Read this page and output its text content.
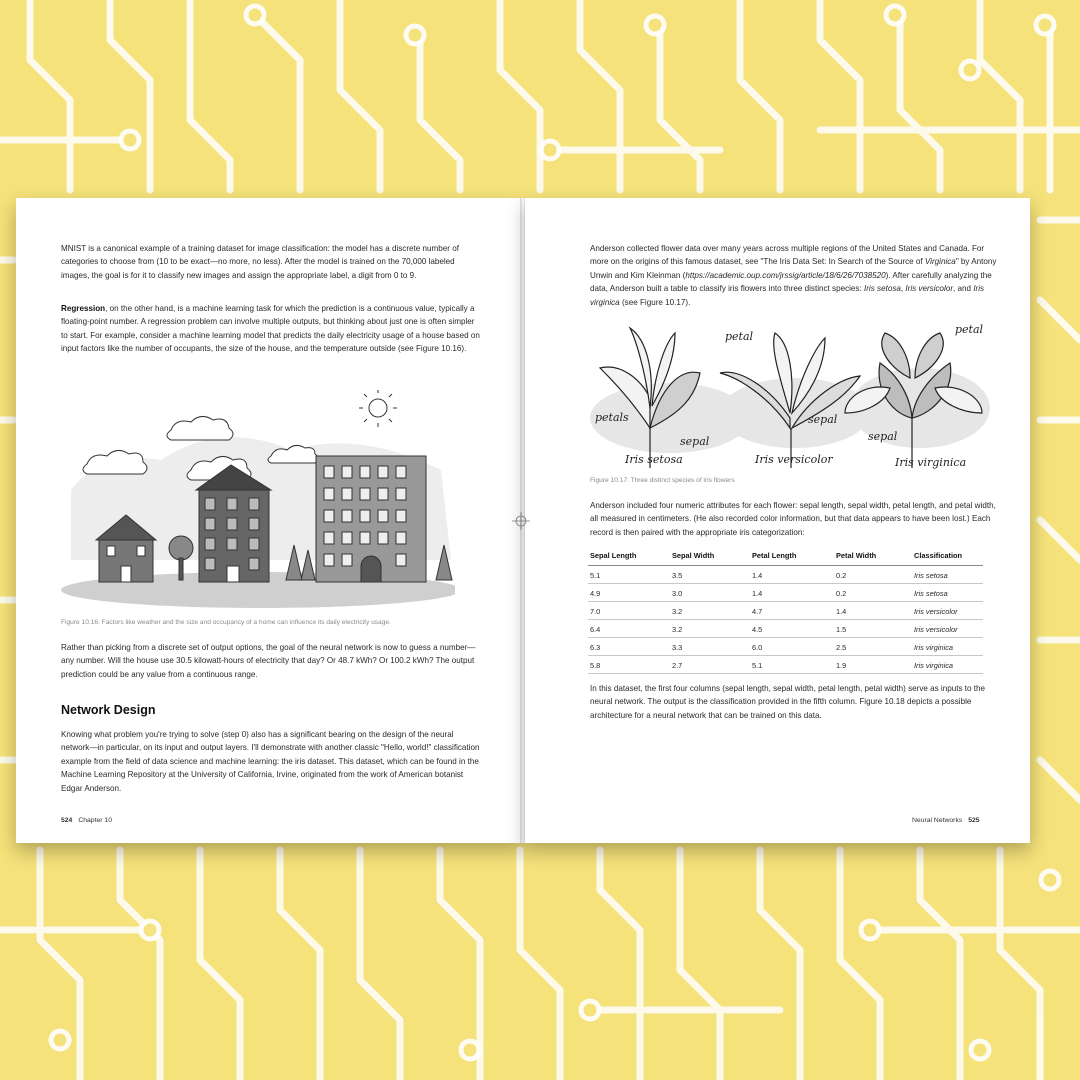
MNIST is a canonical example of a training dataset for image classification: the model has a discrete number of categories to choose from (10 to be exact—no more, no less). After the model is trained on the 70,000 labeled images, the goal is for it to classify new images and assign the appropriate label, a digit from 0 to 9.

Regression, on the other hand, is a machine learning task for which the prediction is a continuous value, typically a floating-point number. A regression problem can involve multiple outputs, but thinking about just one is often simpler to start. For example, consider a machine learning model that predicts the daily electricity usage of a house based on input factors like the number of occupants, the size of the house, and the temperature outside (see Figure 10.16).

Figure 10.16: Factors like weather and the size and occupancy of a home can influence its daily electricity usage.

Rather than picking from a discrete set of output options, the goal of the neural network is now to guess a number—any number. Will the house use 30.5 kilowatt-hours of electricity that day? Or 48.7 kWh? Or 100.2 kWh? The output prediction could be any value from a continuous range.

Network Design

Knowing what problem you're trying to solve (step 0) also has a significant bearing on the design of the neural network—in particular, on its input and output layers. I'll demonstrate with another classic "Hello, world!" classification example from the field of data science and machine learning: the iris dataset. This dataset, which can be found in the Machine Learning Repository at the University of California, Irvine, originated from the work of American botanist Edgar Anderson.

524 Chapter 10

Anderson collected flower data over many years across multiple regions of the United States and Canada. For more on the origins of this famous dataset, see "The Iris Data Set: In Search of the Source of Virginica" by Antony Unwin and Kim Kleinman (https://academic.oup.com/jrssig/article/18/6/26/7038520). After carefully analyzing the data, Anderson built a table to classify iris flowers into three distinct species: Iris setosa, Iris versicolor, and Iris virginica (see Figure 10.17).

petals
sepal
Iris setosa
petal
sepal
Iris versicolor
petal
sepal
Iris virginica

Figure 10.17: Three distinct species of iris flowers

Anderson included four numeric attributes for each flower: sepal length, sepal width, petal length, and petal width, all measured in centimeters. (He also recorded color information, but that data appears to have been lost.) Each record is then paired with the appropriate iris categorization:

Sepal Length	Sepal Width	Petal Length	Petal Width	Classification
5.1	3.5	1.4	0.2	Iris setosa
4.9	3.0	1.4	0.2	Iris setosa
7.0	3.2	4.7	1.4	Iris versicolor
6.4	3.2	4.5	1.5	Iris versicolor
6.3	3.3	6.0	2.5	Iris virginica
5.8	2.7	5.1	1.9	Iris virginica

In this dataset, the first four columns (sepal length, sepal width, petal length, petal width) serve as inputs to the neural network. The output is the classification provided in the fifth column. Figure 10.18 depicts a possible architecture for a neural network that can be trained on this data.

Neural Networks 525
